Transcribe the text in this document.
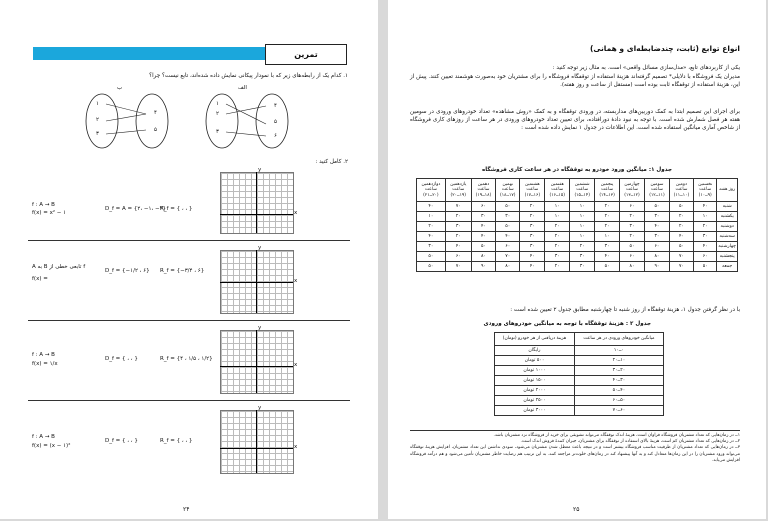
تمرین
۱. کدام یک از رابطه‌های زیر که با نمودار پیکانی نمایش داده شده‌اند، تابع نیست؟ چرا؟
ب	الف
۱
۲
۳
۴
۵
۱
۲
۳
۴
۵
۶
۲. کامل کنید :
y
x
f : A → B
f(x) = x² − ۱
D_f = A = {۲، −۱، −۲}
R_f = { ، ، }
y
x
f تابعی خطی از B به A
f(x) =
D_f = {−۱/۲ ، ۶} R_f = {−۳/۴ ، ۶}
y
x
f : A → B
f(x) = ۱/x
D_f = { ، ، }	R_f = {۴ ، ۱/۵ ، ۱/۲}
y
x
f : A → B
f(x) = (x − ۱)²
D_f = { ، ، }	R_f = { ، ، }
۲۴
انواع توابع (ثابت، چندضابطه‌ای و همانی)
یکی از کاربردهای تابع، «مدل‌سازی مسائل واقعی» است. به مثال زیر توجه کنید :
مدیران یک فروشگاه با دلایلی* تصمیم گرفته‌اند هزینهٔ استفاده از توقفگاه فروشگاه را برای مشتریان خود به‌صورت هوشمند تعیین کنند. پیش از این، هزینهٔ استفاده از توقفگاه ثابت بوده است (مستقل از ساعت و روز هفته).
برای اجرای این تصمیم ابتدا به کمک دوربین‌های مداربسته، در ورودی توقفگاه و به کمک «روش مشاهده» تعداد خودروهای ورودی در سومین هفته هر فصل شمارش شده است. با توجه به نبود دادهٔ دورافتاده، برای تعیین تعداد خودروهای ورودی در هر ساعت از روزهای کاری فروشگاه از شاخص آماری میانگین استفاده شده است. این اطلاعات در جدول ۱ نمایش داده شده است :
جدول ۱: میانگین ورود خودرو به توقفگاه در هر ساعت کاری فروشگاه
روز هفته	نخستین ساعت (۹ــ۱۰)	دومین ساعت (۱۰ــ۱۱)	سومین ساعت (۱۱ــ۱۲)	چهارمین ساعت (۱۲ــ۱۳)	پنجمین ساعت (۱۳ــ۱۴)	ششمین ساعت (۱۴ــ۱۵)	هفتمین ساعت (۱۵ــ۱۶)	هشتمین ساعت (۱۶ــ۱۷)	نهمین ساعت (۱۷ــ۱۸)	دهمین ساعت (۱۸ــ۱۹)	یازدهمین ساعت (۱۹ــ۲۰)	دوازدهمین ساعت (۲۰ــ۲۱)
شنبه	۴۰	۵۰	۵۰	۶۰	۲۰	۱۰	۱۰	۲۰	۵۰	۶۰	۷۰	۴۰
یکشنبه	۱۰	۲۰	۳۰	۲۰	۲۰	۱۰	۱۰	۲۰	۳۰	۳۰	۲۰	۱۰
دوشنبه	۲۰	۲۰	۴۰	۳۰	۲۰	۱۰	۲۰	۳۰	۵۰	۴۰	۳۰	۲۰
سه‌شنبه	۳۰	۴۰	۳۰	۲۰	۱۰	۱۰	۲۰	۳۰	۴۰	۴۰	۲۰	۴۰
چهارشنبه	۴۰	۵۰	۶۰	۵۰	۳۰	۲۰	۲۰	۳۰	۶۰	۵۰	۴۰	۳۰
پنجشنبه	۶۰	۷۰	۸۰	۶۰	۴۰	۳۰	۳۰	۴۰	۷۰	۸۰	۶۰	۵۰
جمعه	۵۰	۷۰	۹۰	۸۰	۵۰	۳۰	۲۰	۴۰	۸۰	۹۰	۷۰	۵۰
با در نظر گرفتن جدول ۱، هزینهٔ توقفگاه از روز شنبه تا چهارشنبه مطابق جدول ۲ تعیین شده است :
جدول ۲ : هزینهٔ توقفگاه با توجه به میانگین خودروهای ورودی
میانگین خودروهای ورودی در هر ساعت	هزینهٔ دریافتی از هر خودرو (تومان)
۰ــ۱۰	رایگان
۱۰ــ۲۰	۵۰۰ تومان
۲۰ــ۳۰	۱۰۰۰ تومان
۳۰ــ۴۰	۱۵۰۰ تومان
۴۰ــ۵۰	۲۰۰۰ تومان
۵۰ــ۶۰	۲۵۰۰ تومان
۶۰ــ۷۰	۳۰۰۰ تومان
۱ــ در زمان‌هایی که تعداد مشتریان فروشگاه فراوان است، هزینهٔ اندک توقفگاه می‌تواند تشویقی برای خرید از فروشگاه نزد مشتریان باشد.
۲ــ در زمان‌هایی که تعداد مشتریان کم است، هزینهٔ بالای استفاده از توقفگاه برای مشتریان، جبران کنندهٔ فروش اندک است.
۳ــ در زمان‌هایی که تعداد مشتریان از ظرفیت مناسب فروشگاه بیشتر است و در نتیجه باعث معطل شدن مشتریان می‌شود، سودی نداشتن این تعداد مشتریان، افزایش هزینهٔ توقفگاه می‌تواند ورود مشتریان را در این زمان‌ها متعادل کند و به آنها پیشنهاد کند در زمان‌های خلوت‌تر مراجعه کنند. به این ترتیب هم رضایت خاطر مشتریان تأمین می‌شود و هم درآمد فروشگاه افزایش می‌یابد.
۲۵
